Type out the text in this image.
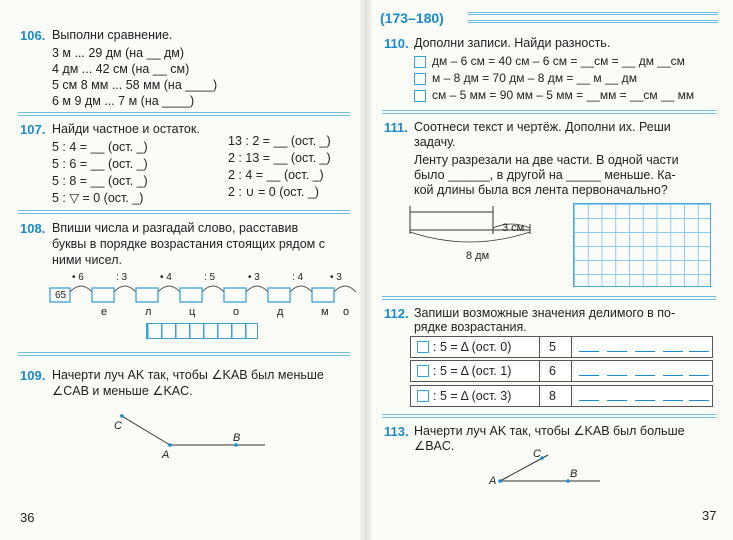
106. Выполни сравнение.
3 м ... 29 дм (на __ дм)
4 дм ... 42 см (на __ см)
5 см 8 мм ... 58 мм (на ____)
6 м 9 дм ... 7 м (на ____)
107. Найди частное и остаток.
5 : 4 = __ (ост. _)
5 : 6 = __ (ост. _)
5 : 8 = __ (ост. _)
5 : ▽ = 0 (ост. _)
13 : 2 = __ (ост. _)
2 : 13 = __ (ост. _)
2 : 4 = __ (ост. _)
2 : ∪ = 0 (ост. _)
108. Впиши числа и разгадай слово, расставив
буквы в порядке возрастания стоящих рядом с
ними чисел.
65
• 6	: 3	• 4	: 5	• 3	: 4	• 3
е	л	ц	о	д	м о
109. Начерти луч AK так, чтобы ∠KAB был меньше
∠CAB и меньше ∠KAC.
C
A
B
36
(173–180)
110. Дополни записи. Найди разность.
дм – 6 см = 40 см – 6 см = __см = __ дм __см
м – 8 дм = 70 дм – 8 дм = __ м __ дм
см – 5 мм = 90 мм – 5 мм = __мм = __см __ мм
111. Соотнеси текст и чертёж. Дополни их. Реши
задачу.
Ленту разрезали на две части. В одной части
было ______, в другой на _____ меньше. Ка-
кой длины была вся лента первоначально?
3 см
8 дм
112. Запиши возможные значения делимого в по-
рядке возрастания.
: 5 = Δ (ост. 0)	5
: 5 = Δ (ост. 1)	6
: 5 = Δ (ост. 3)	8
113. Начерти луч AK так, чтобы ∠KAB был больше
∠BAC.
C
A
B
37
